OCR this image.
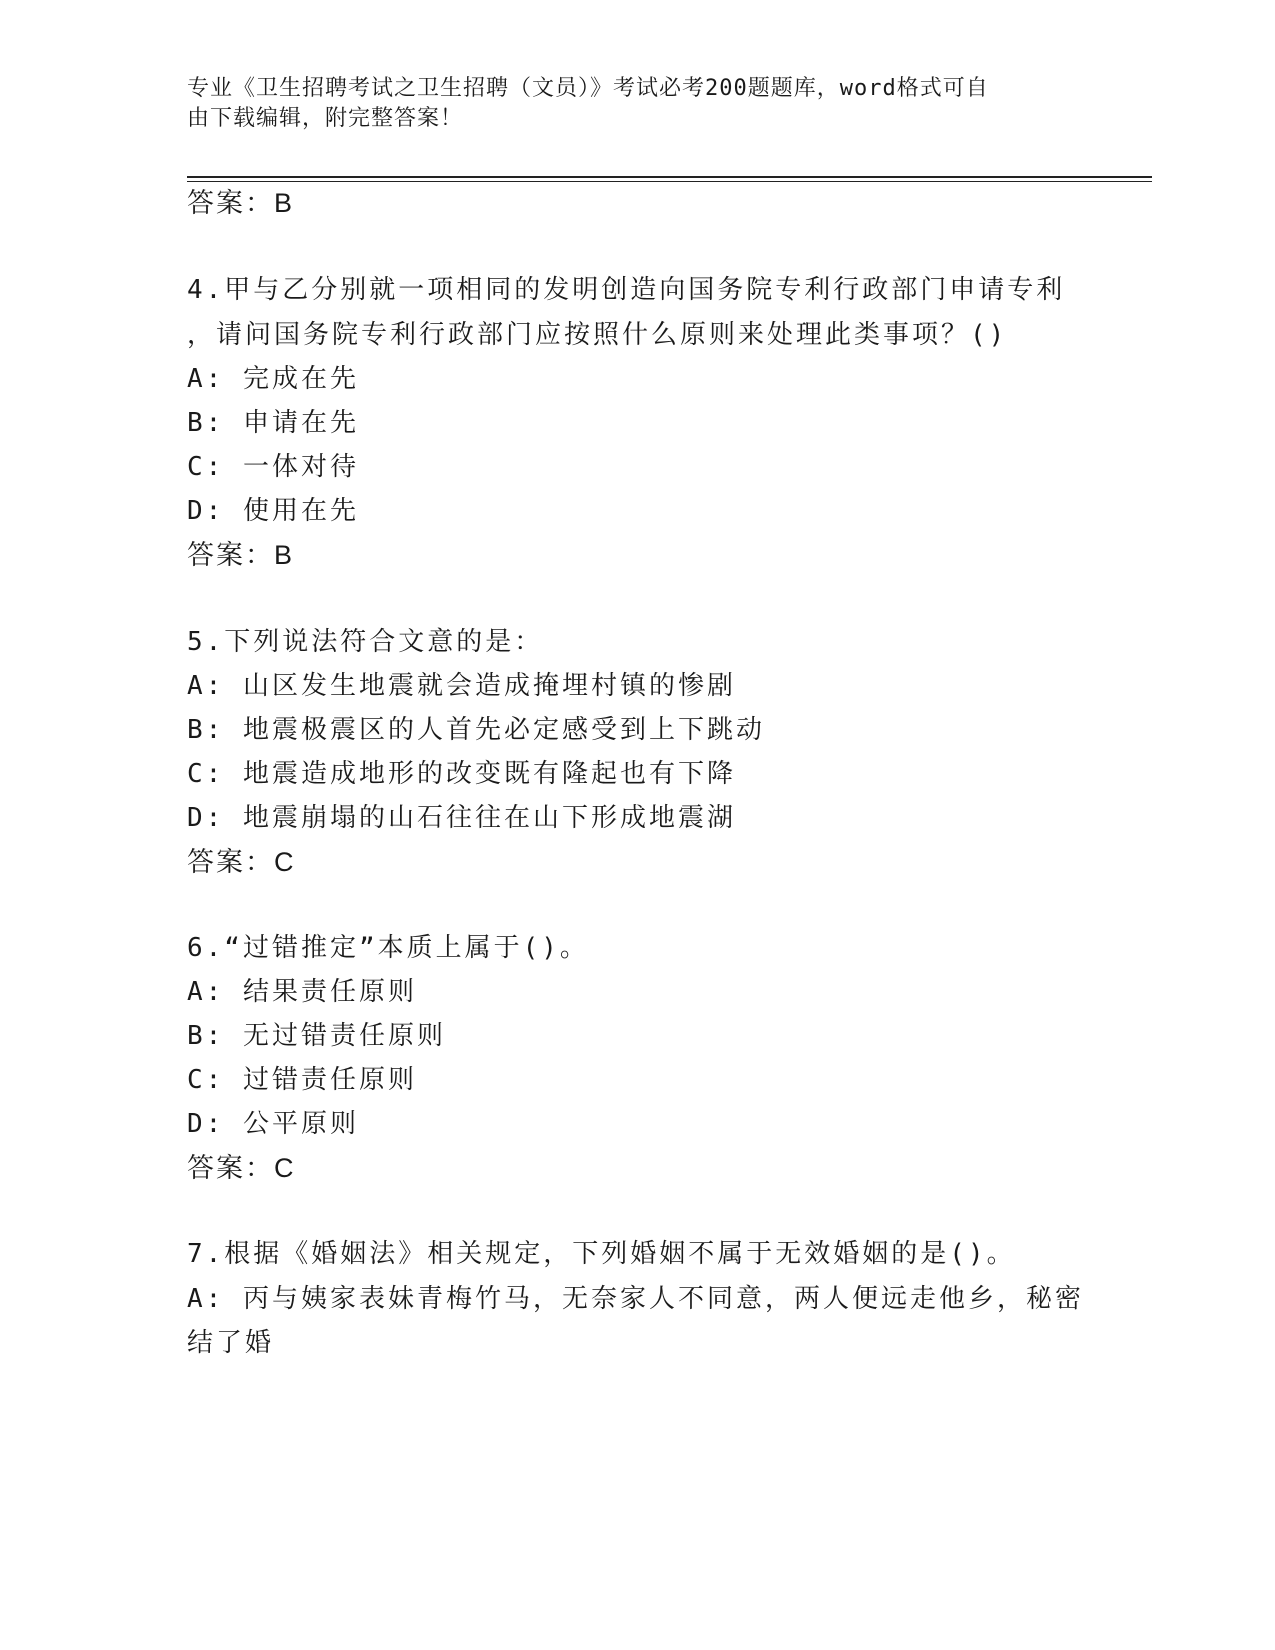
专业《卫生招聘考试之卫生招聘（文员）》考试必考200题题库，word格式可自
由下载编辑，附完整答案！
答案：B
4.甲与乙分别就一项相同的发明创造向国务院专利行政部门申请专利
，请问国务院专利行政部门应按照什么原则来处理此类事项？()
A: 完成在先
B: 申请在先
C: 一体对待
D: 使用在先
答案：B
5.下列说法符合文意的是：
A: 山区发生地震就会造成掩埋村镇的惨剧
B: 地震极震区的人首先必定感受到上下跳动
C: 地震造成地形的改变既有隆起也有下降
D: 地震崩塌的山石往往在山下形成地震湖
答案：C
6.“过错推定”本质上属于()。
A: 结果责任原则
B: 无过错责任原则
C: 过错责任原则
D: 公平原则
答案：C
7.根据《婚姻法》相关规定，下列婚姻不属于无效婚姻的是()。
A: 丙与姨家表妹青梅竹马，无奈家人不同意，两人便远走他乡，秘密
结了婚
